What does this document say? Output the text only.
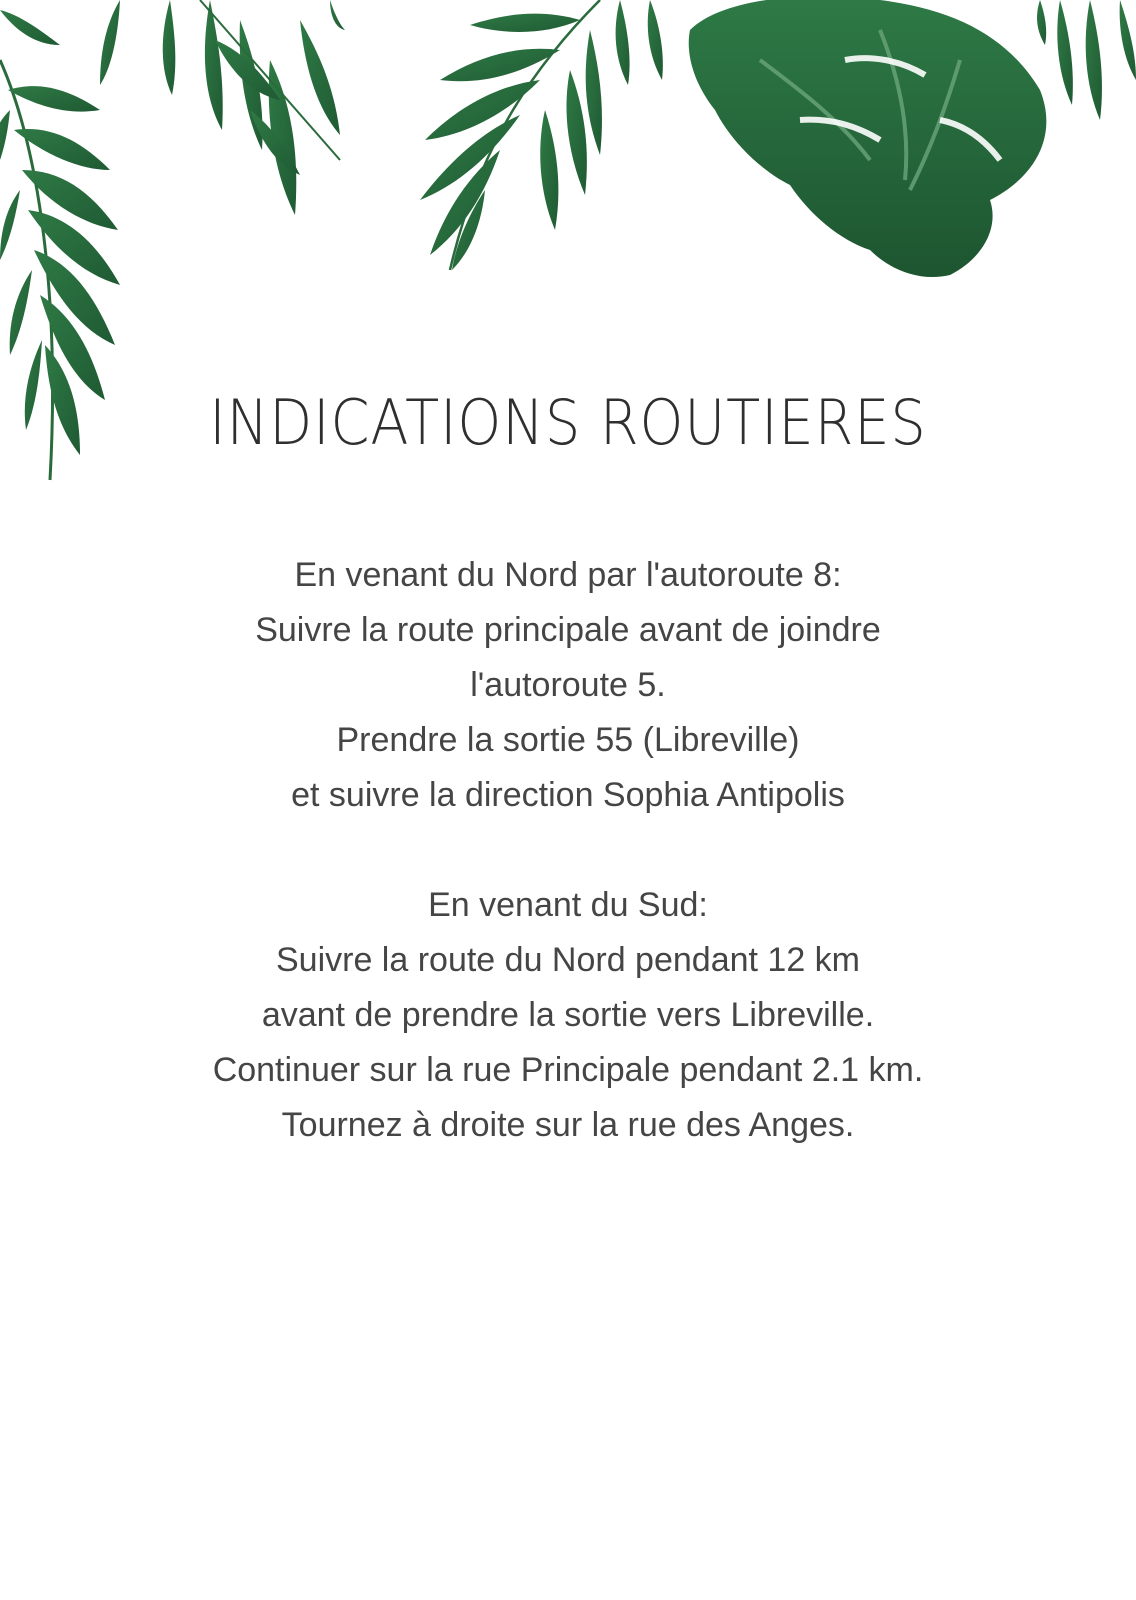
INDICATIONS ROUTIERES

En venant du Nord par l'autoroute 8:
Suivre la route principale avant de joindre
l'autoroute 5.
Prendre la sortie 55 (Libreville)
et suivre la direction Sophia Antipolis

En venant du Sud:
Suivre la route du Nord pendant 12 km
avant de prendre la sortie vers Libreville.
Continuer sur la rue Principale pendant 2.1 km.
Tournez à droite sur la rue des Anges.
